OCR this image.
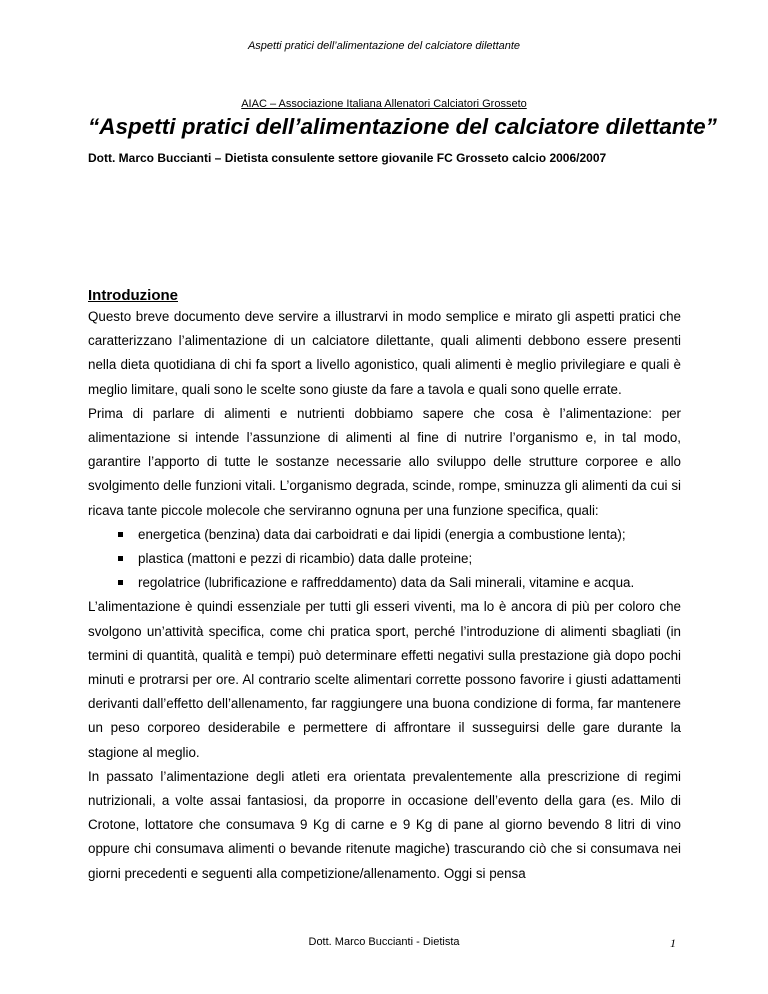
Aspetti pratici dell’alimentazione del calciatore dilettante
AIAC – Associazione Italiana Allenatori Calciatori Grosseto
“Aspetti pratici dell’alimentazione del calciatore dilettante”
Dott. Marco Buccianti – Dietista consulente settore giovanile FC Grosseto calcio 2006/2007
Introduzione

Questo breve documento deve servire a illustrarvi in modo semplice e mirato gli aspetti pratici che caratterizzano l’alimentazione di un calciatore dilettante, quali alimenti debbono essere presenti nella dieta quotidiana di chi fa sport a livello agonistico, quali alimenti è meglio privilegiare e quali è meglio limitare, quali sono le scelte sono giuste da fare a tavola e quali sono quelle errate.

Prima di parlare di alimenti e nutrienti dobbiamo sapere che cosa è l’alimentazione: per alimentazione si intende l’assunzione di alimenti al fine di nutrire l’organismo e, in tal modo, garantire l’apporto di tutte le sostanze necessarie allo sviluppo delle strutture corporee e allo svolgimento delle funzioni vitali. L’organismo degrada, scinde, rompe, sminuzza gli alimenti da cui si ricava tante piccole molecole che serviranno ognuna per una funzione specifica, quali:

energetica (benzina) data dai carboidrati e dai lipidi (energia a combustione lenta);
plastica (mattoni e pezzi di ricambio) data dalle proteine;
regolatrice (lubrificazione e raffreddamento) data da Sali minerali, vitamine e acqua.

L’alimentazione è quindi essenziale per tutti gli esseri viventi, ma lo è ancora di più per coloro che svolgono un’attività specifica, come chi pratica sport, perché l’introduzione di alimenti sbagliati (in termini di quantità, qualità e tempi) può determinare effetti negativi sulla prestazione già dopo pochi minuti e protrarsi per ore. Al contrario scelte alimentari corrette possono favorire i giusti adattamenti derivanti dall’effetto dell’allenamento, far raggiungere una buona condizione di forma, far mantenere un peso corporeo desiderabile e permettere di affrontare il susseguirsi delle gare durante la stagione al meglio.

In passato l’alimentazione degli atleti era orientata prevalentemente alla prescrizione di regimi nutrizionali, a volte assai fantasiosi, da proporre in occasione dell’evento della gara (es. Milo di Crotone, lottatore che consumava 9 Kg di carne e 9 Kg di pane al giorno bevendo 8 litri di vino oppure chi consumava alimenti o bevande ritenute magiche) trascurando ciò che si consumava nei giorni precedenti e seguenti alla competizione/allenamento. Oggi si pensa

Dott. Marco Buccianti - Dietista	1
